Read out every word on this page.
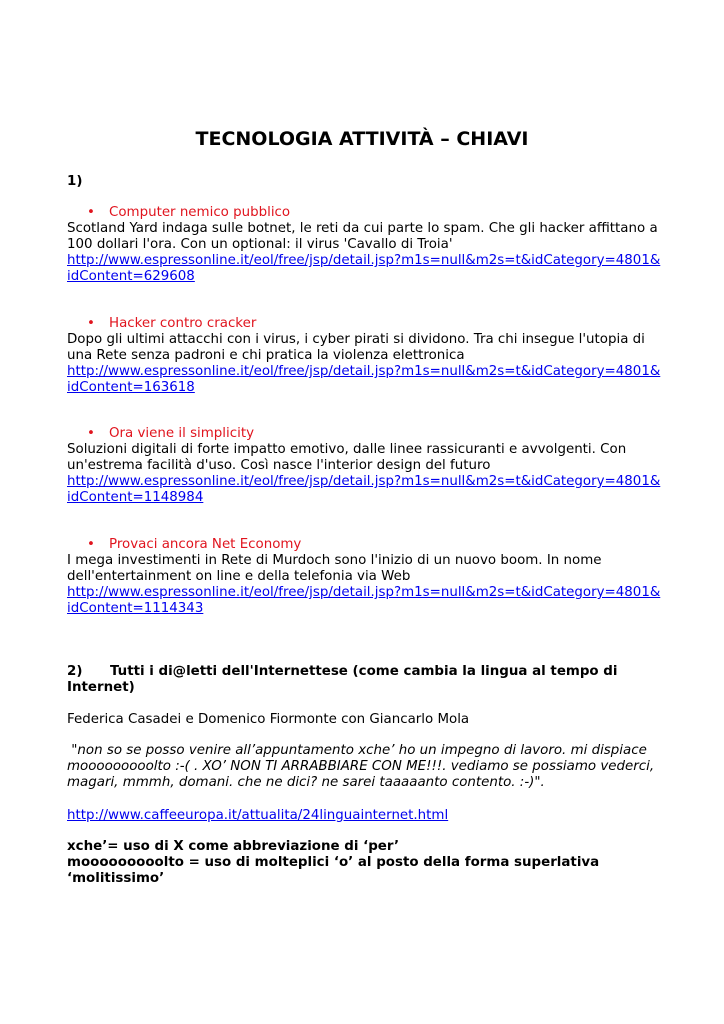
TECNOLOGIA ATTIVITÀ – CHIAVI
1)
• Computer nemico pubblico
Scotland Yard indaga sulle botnet, le reti da cui parte lo spam. Che gli hacker affittano a
100 dollari l'ora. Con un optional: il virus 'Cavallo di Troia'
http://www.espressonline.it/eol/free/jsp/detail.jsp?m1s=null&m2s=t&idCategory=4801&
idContent=629608
• Hacker contro cracker
Dopo gli ultimi attacchi con i virus, i cyber pirati si dividono. Tra chi insegue l'utopia di
una Rete senza padroni e chi pratica la violenza elettronica
http://www.espressonline.it/eol/free/jsp/detail.jsp?m1s=null&m2s=t&idCategory=4801&
idContent=163618
• Ora viene il simplicity
Soluzioni digitali di forte impatto emotivo, dalle linee rassicuranti e avvolgenti. Con
un'estrema facilità d'uso. Così nasce l'interior design del futuro
http://www.espressonline.it/eol/free/jsp/detail.jsp?m1s=null&m2s=t&idCategory=4801&
idContent=1148984
• Provaci ancora Net Economy
I mega investimenti in Rete di Murdoch sono l'inizio di un nuovo boom. In nome
dell'entertainment on line e della telefonia via Web
http://www.espressonline.it/eol/free/jsp/detail.jsp?m1s=null&m2s=t&idCategory=4801&
idContent=1114343
2) Tutti i di@letti dell'Internettese (come cambia la lingua al tempo di
Internet)
Federica Casadei e Domenico Fiormonte con Giancarlo Mola
"non so se posso venire all’appuntamento xche’ ho un impegno di lavoro. mi dispiace
mooooooooolto :-( . XO’ NON TI ARRABBIARE CON ME!!!. vediamo se possiamo vederci,
magari, mmmh, domani. che ne dici? ne sarei taaaaanto contento. :-)".
http://www.caffeeuropa.it/attualita/24linguainternet.html
xche’= uso di X come abbreviazione di ‘per’
mooooooooolto = uso di molteplici ‘o’ al posto della forma superlativa
‘molitissimo’
